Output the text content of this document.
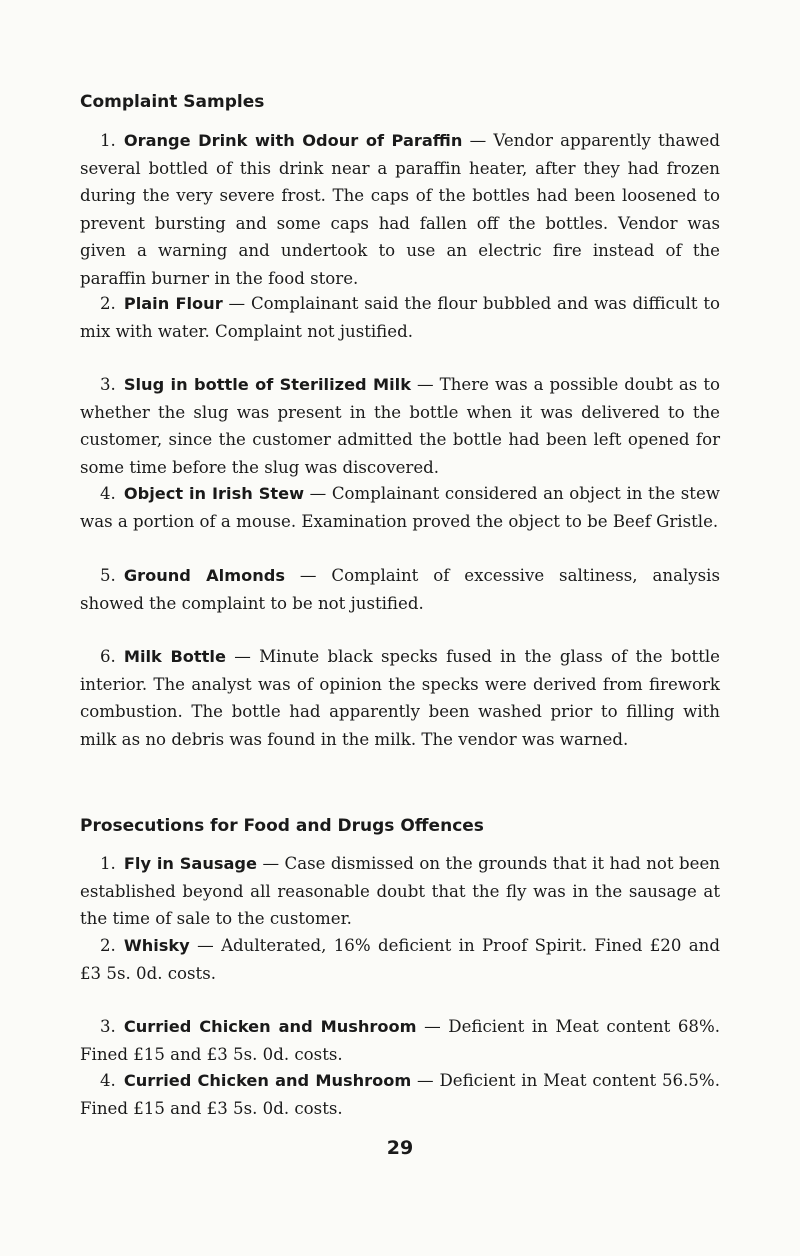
Complaint Samples

1. Orange Drink with Odour of Paraffin — Vendor apparently thawed several bottled of this drink near a paraffin heater, after they had frozen during the very severe frost. The caps of the bottles had been loosened to prevent bursting and some caps had fallen off the bottles. Vendor was given a warning and undertook to use an electric fire instead of the paraffin burner in the food store.

2. Plain Flour — Complainant said the flour bubbled and was difficult to mix with water. Complaint not justified.

3. Slug in bottle of Sterilized Milk — There was a possible doubt as to whether the slug was present in the bottle when it was delivered to the customer, since the customer admitted the bottle had been left opened for some time before the slug was discovered.

4. Object in Irish Stew — Complainant considered an object in the stew was a portion of a mouse. Examination proved the object to be Beef Gristle.

5. Ground Almonds — Complaint of excessive saltiness, analysis showed the complaint to be not justified.

6. Milk Bottle — Minute black specks fused in the glass of the bottle interior. The analyst was of opinion the specks were derived from firework combustion. The bottle had apparently been washed prior to filling with milk as no debris was found in the milk. The vendor was warned.

Prosecutions for Food and Drugs Offences

1. Fly in Sausage — Case dismissed on the grounds that it had not been established beyond all reasonable doubt that the fly was in the sausage at the time of sale to the customer.

2. Whisky — Adulterated, 16% deficient in Proof Spirit. Fined £20 and £3 5s. 0d. costs.

3. Curried Chicken and Mushroom — Deficient in Meat content 68%. Fined £15 and £3 5s. 0d. costs.

4. Curried Chicken and Mushroom — Deficient in Meat content 56.5%. Fined £15 and £3 5s. 0d. costs.

29
